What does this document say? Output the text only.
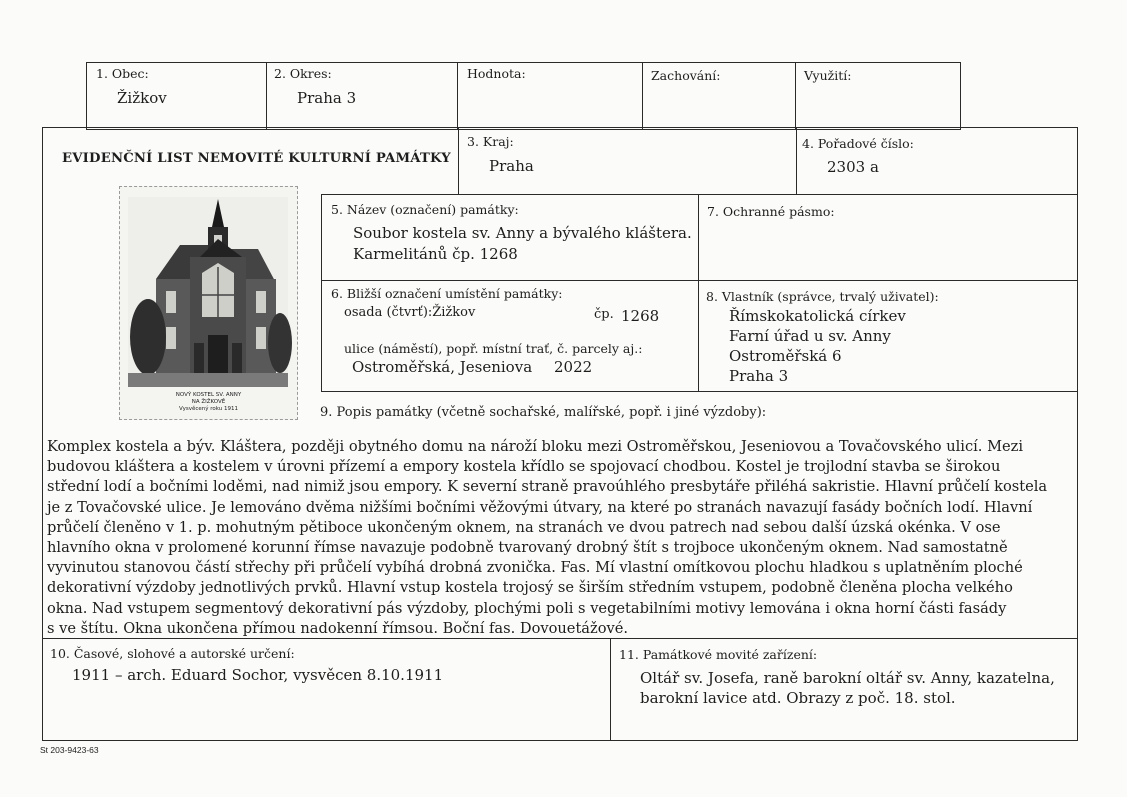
1. Obec:
Žižkov
2. Okres:
Praha 3
Hodnota:	Zachování:	Využití:
EVIDENČNÍ LIST NEMOVITÉ KULTURNÍ PAMÁTKY
3. Kraj:
Praha
4. Pořadové číslo:
2303 a
NOVÝ KOSTEL SV. ANNY
NA ŽIŽKOVĚ
Vysvěcený roku 1911
5. Název (označení) památky:
Soubor kostela sv. Anny a bývalého kláštera.
Karmelitánů čp. 1268
7. Ochranné pásmo:
6. Bližší označení umístění památky:
osada (čtvrť):Žižkov	čp. 1268
ulice (náměstí), popř. místní trať, č. parcely aj.:
Ostroměřská, Jeseniova 2022
8. Vlastník (správce, trvalý uživatel):
Římskokatolická církev
Farní úřad u sv. Anny
Ostroměřská 6
Praha 3
9. Popis památky (včetně sochařské, malířské, popř. i jiné výzdoby):
Komplex kostela a býv. Kláštera, později obytného domu na nároží bloku mezi Ostroměřskou, Jeseniovou a Tovačovského ulicí. Mezi
budovou kláštera a kostelem v úrovni přízemí a empory kostela křídlo se spojovací chodbou. Kostel je trojlodní stavba se širokou
střední lodí a bočními loděmi, nad nimiž jsou empory. K severní straně pravoúhlého presbytáře přiléhá sakristie. Hlavní průčelí kostela
je z Tovačovské ulice. Je lemováno dvěma nižšími bočními věžovými útvary, na které po stranách navazují fasády bočních lodí. Hlavní
průčelí členěno v 1. p. mohutným pětiboce ukončeným oknem, na stranách ve dvou patrech nad sebou další úzská okénka. V ose
hlavního okna v prolomené korunní římse navazuje podobně tvarovaný drobný štít s trojboce ukončeným oknem. Nad samostatně
vyvinutou stanovou částí střechy při průčelí vybíhá drobná zvonička. Fas. Mí vlastní omítkovou plochu hladkou s uplatněním ploché
dekorativní výzdoby jednotlivých prvků. Hlavní vstup kostela trojosý se širším středním vstupem, podobně členěna plocha velkého
okna. Nad vstupem segmentový dekorativní pás výzdoby, plochými poli s vegetabilními motivy lemována i okna horní části fasády
s ve štítu. Okna ukončena přímou nadokenní římsou. Boční fas. Dovouetážové.
10. Časové, slohové a autorské určení:
1911 – arch. Eduard Sochor, vysvěcen 8.10.1911
11. Památkové movité zařízení:
Oltář sv. Josefa, raně barokní oltář sv. Anny, kazatelna,
barokní lavice atd. Obrazy z poč. 18. stol.
St 203-9423-63
